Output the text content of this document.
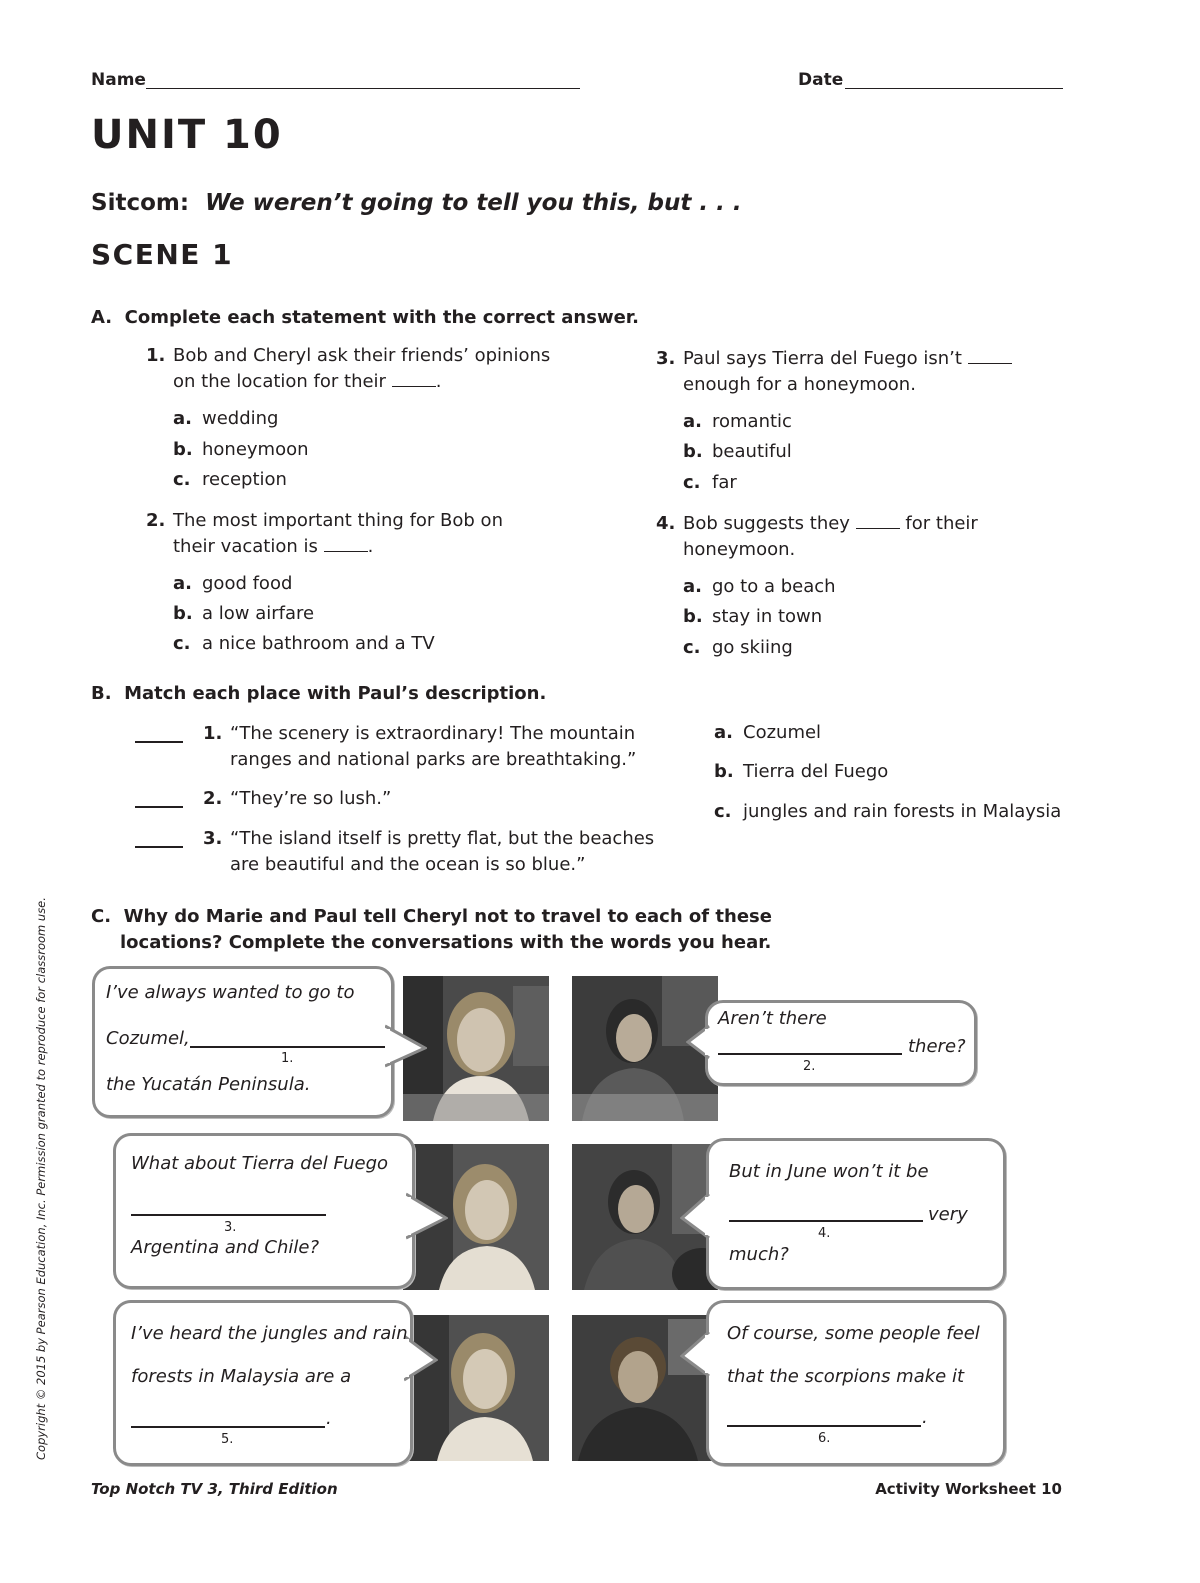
Name	Date
UNIT 10
Sitcom: We weren’t going to tell you this, but . . .
SCENE 1
A. Complete each statement with the correct answer.
1. Bob and Cheryl ask their friends’ opinions
on the location for their	.
a. wedding
b. honeymoon
c. reception
2. The most important thing for Bob on
their vacation is	.
a. good food
b. a low airfare
c. a nice bathroom and a TV
3. Paul says Tierra del Fuego isn’t
enough for a honeymoon.
a. romantic
b. beautiful
c. far
4. Bob suggests they	for their
honeymoon.
a. go to a beach
b. stay in town
c. go skiing
B. Match each place with Paul’s description.
1. “The scenery is extraordinary! The mountain
ranges and national parks are breathtaking.”
2. “They’re so lush.”
3. “The island itself is pretty flat, but the beaches
are beautiful and the ocean is so blue.”
a. Cozumel
b. Tierra del Fuego
c. jungles and rain forests in Malaysia
C. Why do Marie and Paul tell Cheryl not to travel to each of these
locations? Complete the conversations with the words you hear.
I’ve always wanted to go to
Cozumel,
1.
the Yucatán Peninsula.
Aren’t there
there?
2.
What about Tierra del Fuego
3.
Argentina and Chile?
But in June won’t it be
very
4.
much?
I’ve heard the jungles and rain
forests in Malaysia are a
.
5.
Of course, some people feel
that the scorpions make it
.
6.
Copyright © 2015 by Pearson Education, Inc. Permission granted to reproduce for classroom use.
Top Notch TV 3, Third Edition	Activity Worksheet 10
